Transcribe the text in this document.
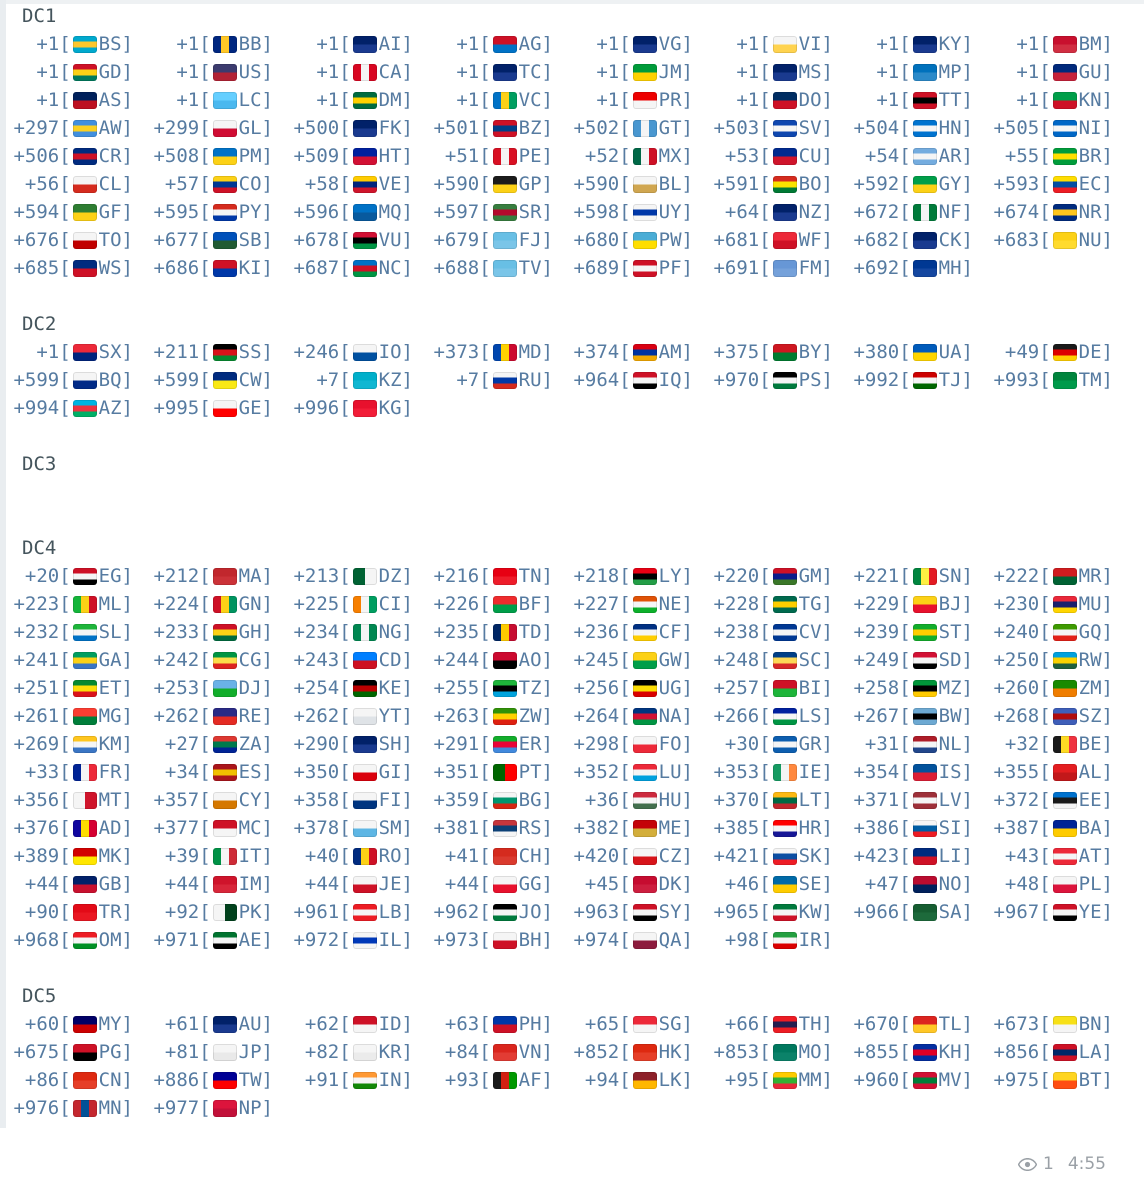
DC1
+1[ BS] +1[ BB] +1[ AI] +1[ AG] +1[ VG] +1[ VI] +1[ KY] +1[ BM]
+1[ GD] +1[ US] +1[ CA] +1[ TC] +1[ JM] +1[ MS] +1[ MP] +1[ GU]
+1[ AS] +1[ LC] +1[ DM] +1[ VC] +1[ PR] +1[ DO] +1[ TT] +1[ KN]
+297[ AW] +299[ GL] +500[ FK] +501[ BZ] +502[ GT] +503[ SV] +504[ HN] +505[ NI]
+506[ CR] +508[ PM] +509[ HT] +51[ PE] +52[ MX] +53[ CU] +54[ AR] +55[ BR]
+56[ CL] +57[ CO] +58[ VE] +590[ GP] +590[ BL] +591[ BO] +592[ GY] +593[ EC]
+594[ GF] +595[ PY] +596[ MQ] +597[ SR] +598[ UY] +64[ NZ] +672[ NF] +674[ NR]
+676[ TO] +677[ SB] +678[ VU] +679[ FJ] +680[ PW] +681[ WF] +682[ CK] +683[ NU]
+685[ WS] +686[ KI] +687[ NC] +688[ TV] +689[ PF] +691[ FM] +692[ MH]
DC2
+1[ SX] +211[ SS] +246[ IO] +373[ MD] +374[ AM] +375[ BY] +380[ UA] +49[ DE]
+599[ BQ] +599[ CW] +7[ KZ] +7[ RU] +964[ IQ] +970[ PS] +992[ TJ] +993[ TM]
+994[ AZ] +995[ GE] +996[ KG]
DC3
DC4
+20[ EG] +212[ MA] +213[ DZ] +216[ TN] +218[ LY] +220[ GM] +221[ SN] +222[ MR]
+223[ ML] +224[ GN] +225[ CI] +226[ BF] +227[ NE] +228[ TG] +229[ BJ] +230[ MU]
+232[ SL] +233[ GH] +234[ NG] +235[ TD] +236[ CF] +238[ CV] +239[ ST] +240[ GQ]
+241[ GA] +242[ CG] +243[ CD] +244[ AO] +245[ GW] +248[ SC] +249[ SD] +250[ RW]
+251[ ET] +253[ DJ] +254[ KE] +255[ TZ] +256[ UG] +257[ BI] +258[ MZ] +260[ ZM]
+261[ MG] +262[ RE] +262[ YT] +263[ ZW] +264[ NA] +266[ LS] +267[ BW] +268[ SZ]
+269[ KM] +27[ ZA] +290[ SH] +291[ ER] +298[ FO] +30[ GR] +31[ NL] +32[ BE]
+33[ FR] +34[ ES] +350[ GI] +351[ PT] +352[ LU] +353[ IE] +354[ IS] +355[ AL]
+356[ MT] +357[ CY] +358[ FI] +359[ BG] +36[ HU] +370[ LT] +371[ LV] +372[ EE]
+376[ AD] +377[ MC] +378[ SM] +381[ RS] +382[ ME] +385[ HR] +386[ SI] +387[ BA]
+389[ MK] +39[ IT] +40[ RO] +41[ CH] +420[ CZ] +421[ SK] +423[ LI] +43[ AT]
+44[ GB] +44[ IM] +44[ JE] +44[ GG] +45[ DK] +46[ SE] +47[ NO] +48[ PL]
+90[ TR] +92[ PK] +961[ LB] +962[ JO] +963[ SY] +965[ KW] +966[ SA] +967[ YE]
+968[ OM] +971[ AE] +972[ IL] +973[ BH] +974[ QA] +98[ IR]
DC5
+60[ MY] +61[ AU] +62[ ID] +63[ PH] +65[ SG] +66[ TH] +670[ TL] +673[ BN]
+675[ PG] +81[ JP] +82[ KR] +84[ VN] +852[ HK] +853[ MO] +855[ KH] +856[ LA]
+86[ CN] +886[ TW] +91[ IN] +93[ AF] +94[ LK] +95[ MM] +960[ MV] +975[ BT]
+976[ MN] +977[ NP]
1 4:55
